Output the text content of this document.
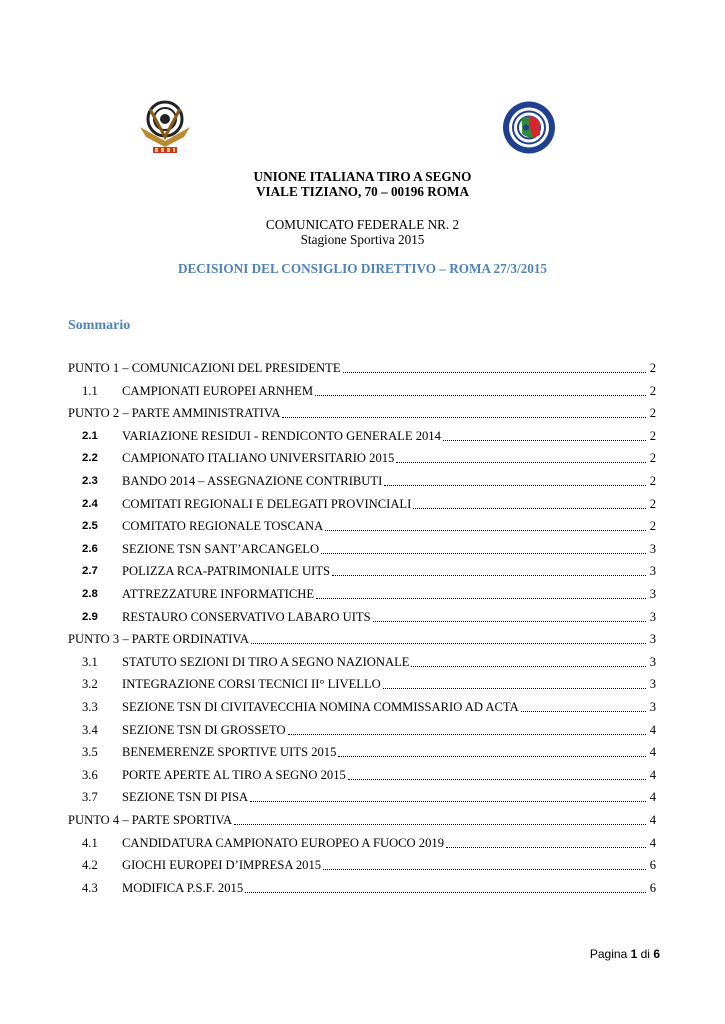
UNIONE ITALIANA TIRO A SEGNO
VIALE TIZIANO, 70 – 00196 ROMA
COMUNICATO FEDERALE NR. 2
Stagione Sportiva 2015
DECISIONI DEL CONSIGLIO DIRETTIVO – ROMA 27/3/2015
Sommario
PUNTO 1 – COMUNICAZIONI DEL PRESIDENTE	2
1.1	CAMPIONATI EUROPEI ARNHEM	2
PUNTO 2 – PARTE AMMINISTRATIVA	2
2.1	VARIAZIONE RESIDUI - RENDICONTO GENERALE 2014	2
2.2	CAMPIONATO ITALIANO UNIVERSITARIO 2015	2
2.3	BANDO 2014 – ASSEGNAZIONE CONTRIBUTI	2
2.4	COMITATI REGIONALI E DELEGATI PROVINCIALI	2
2.5	COMITATO REGIONALE TOSCANA	2
2.6	SEZIONE TSN SANT’ARCANGELO	3
2.7	POLIZZA RCA-PATRIMONIALE UITS	3
2.8	ATTREZZATURE INFORMATICHE	3
2.9	RESTAURO CONSERVATIVO LABARO UITS	3
PUNTO 3 – PARTE ORDINATIVA	3
3.1	STATUTO SEZIONI DI TIRO A SEGNO NAZIONALE	3
3.2	INTEGRAZIONE CORSI TECNICI II° LIVELLO	3
3.3	SEZIONE TSN DI CIVITAVECCHIA NOMINA COMMISSARIO AD ACTA	3
3.4	SEZIONE TSN DI GROSSETO	4
3.5	BENEMERENZE SPORTIVE UITS 2015	4
3.6	PORTE APERTE AL TIRO A SEGNO 2015	4
3.7	SEZIONE TSN DI PISA	4
PUNTO 4 – PARTE SPORTIVA	4
4.1	CANDIDATURA CAMPIONATO EUROPEO A FUOCO 2019	4
4.2	GIOCHI EUROPEI D’IMPRESA 2015	6
4.3	MODIFICA P.S.F. 2015	6
Pagina 1 di 6
